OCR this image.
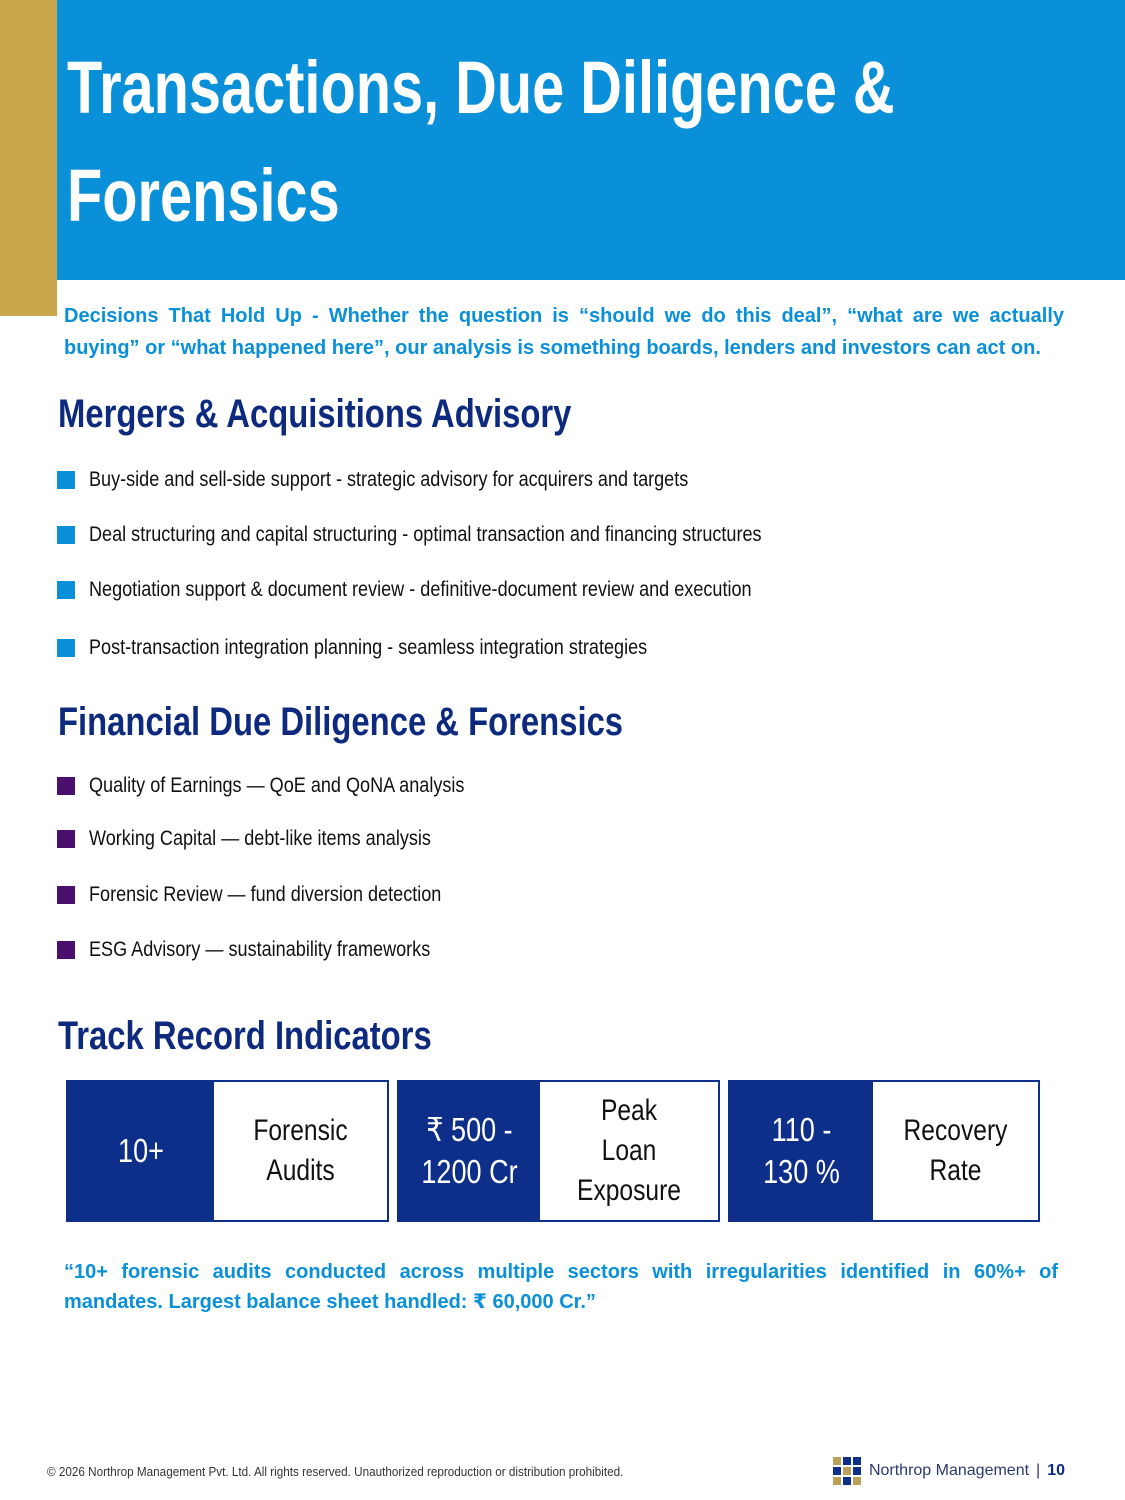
Transactions, Due Diligence & Forensics

Decisions That Hold Up - Whether the question is “should we do this deal”, “what are we actually buying” or “what happened here”, our analysis is something boards, lenders and investors can act on.

Mergers & Acquisitions Advisory
Buy-side and sell-side support - strategic advisory for acquirers and targets
Deal structuring and capital structuring - optimal transaction and financing structures
Negotiation support & document review - definitive-document review and execution
Post-transaction integration planning - seamless integration strategies
Financial Due Diligence & Forensics
Quality of Earnings — QoE and QoNA analysis
Working Capital — debt-like items analysis
Forensic Review — fund diversion detection
ESG Advisory — sustainability frameworks
Track Record Indicators
10+
Forensic Audits
₹ 500 - 1200 Cr
Peak Loan Exposure
110 - 130 %
Recovery Rate

“10+ forensic audits conducted across multiple sectors with irregularities identified in 60%+ of mandates. Largest balance sheet handled: ₹ 60,000 Cr.”

© 2026 Northrop Management Pvt. Ltd. All rights reserved. Unauthorized reproduction or distribution prohibited.	Northrop Management | 10
